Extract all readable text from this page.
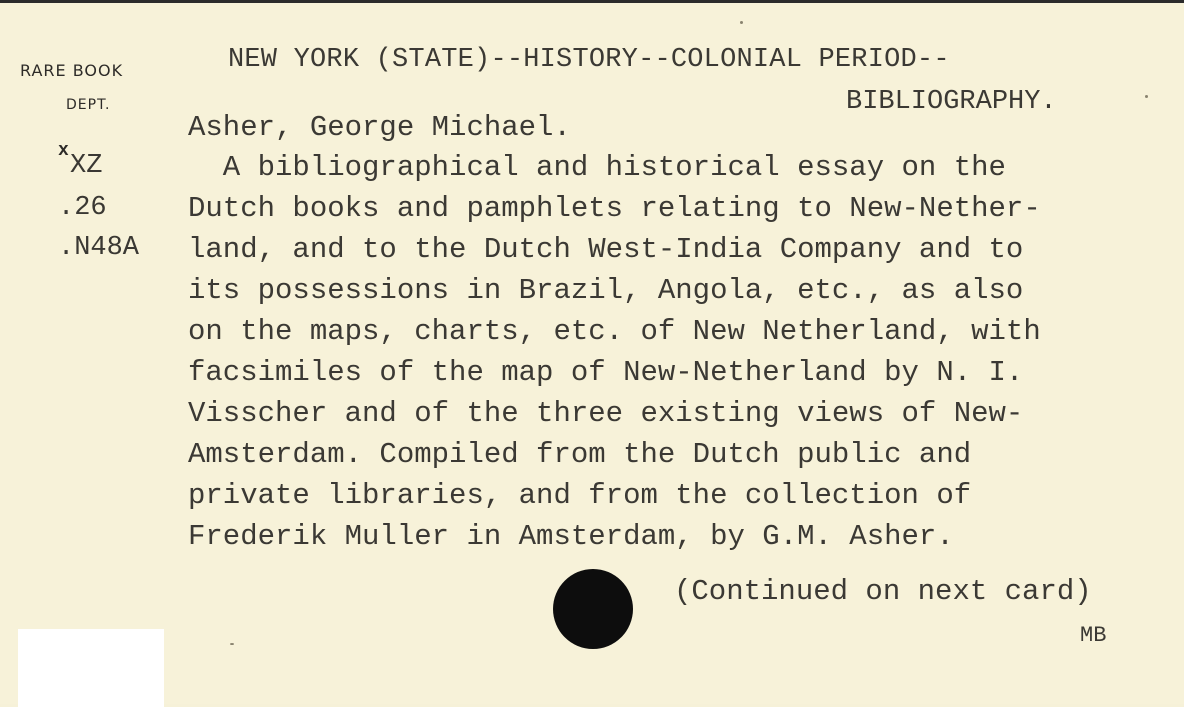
RARE BOOK
DEPT.
x XZ
.26
.N48A
NEW YORK (STATE)--HISTORY--COLONIAL PERIOD--
BIBLIOGRAPHY.
Asher, George Michael.
A bibliographical and historical essay on the
Dutch books and pamphlets relating to New-Nether-
land, and to the Dutch West-India Company and to
its possessions in Brazil, Angola, etc., as also
on the maps, charts, etc. of New Netherland, with
facsimiles of the map of New-Netherland by N. I.
Visscher and of the three existing views of New-
Amsterdam. Compiled from the Dutch public and
private libraries, and from the collection of
Frederik Muller in Amsterdam, by G.M. Asher.
(Continued on next card)
MB
